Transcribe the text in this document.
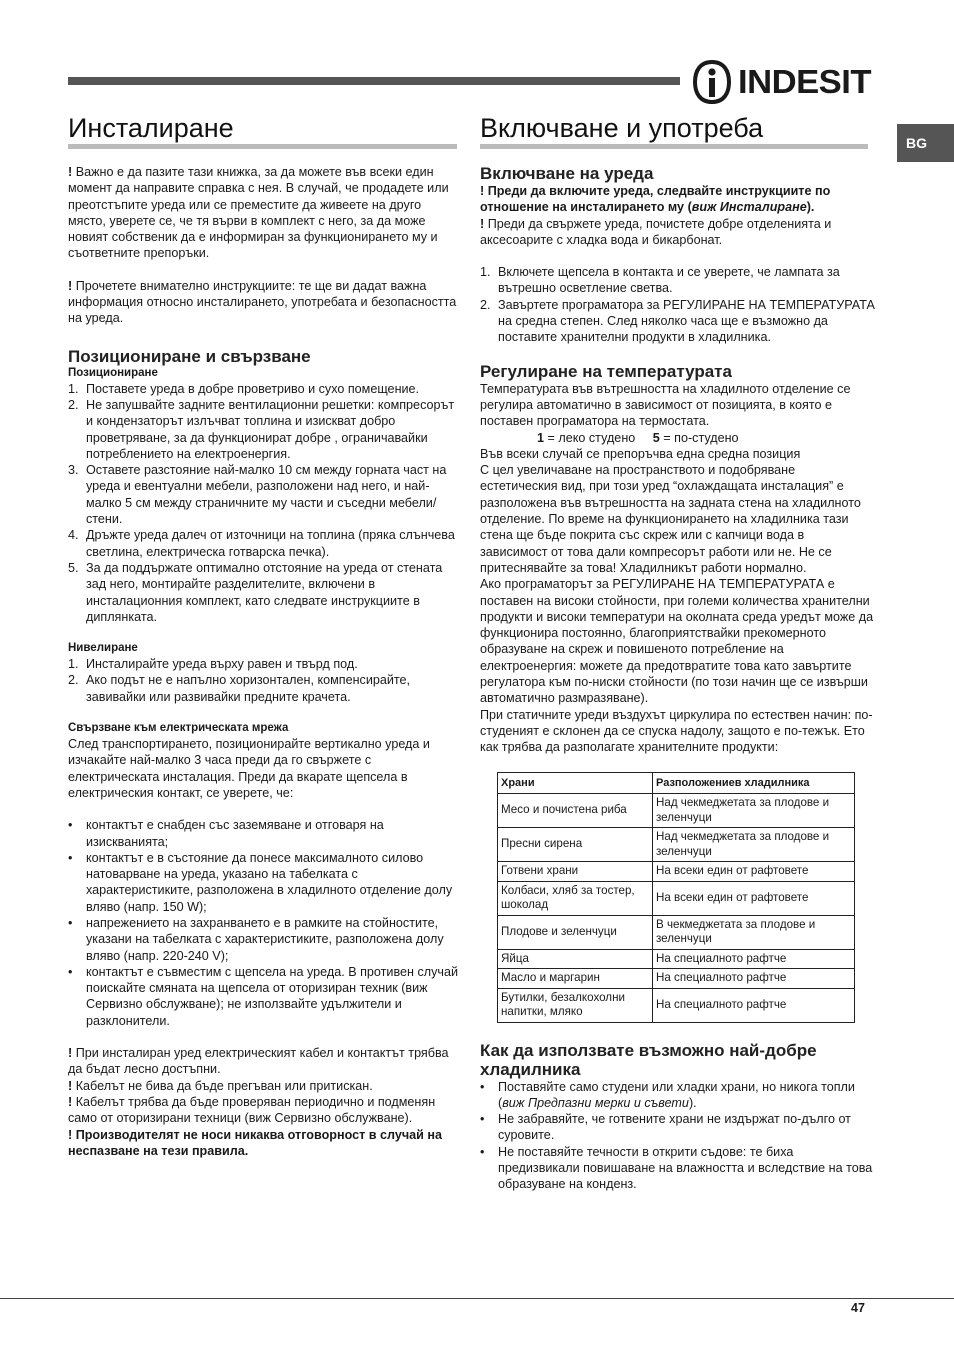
INDESIT
BG
Инсталиране	Включване и употреба

! Важно е да пазите тази книжка, за да можете във всеки един момент да направите справка с нея. В случай, че продадете или преотстъпите уреда или се преместите да живеете на друго място, уверете се, че тя върви в комплект с него, за да може новият собственик да е информиран за функционирането му и съответните препоръки.

! Прочетете внимателно инструкциите: те ще ви дадат важна информация относно инсталирането, употребата и безопасността на уреда.

Позициониране и свързване
Позициониране
1. Поставете уреда в добре проветриво и сухо помещение.
2. Не запушвайте задните вентилационни решетки: компресорът и кондензаторът излъчват топлина и изискват добро проветряване, за да функционират добре , ограничавайки потреблението на електроенергия.
3. Оставете разстояние най-малко 10 см между горната част на уреда и евентуални мебели, разположени над него, и най-малко 5 см между страничните му части и съседни мебели/стени.
4. Дръжте уреда далеч от източници на топлина (пряка слънчева светлина, електрическа готварска печка).
5. За да поддържате оптимално отстояние на уреда от стената зад него, монтирайте разделителите, включени в инсталационния комплект, като следвате инструкциите в диплянката.
Нивелиране
1. Инсталирайте уреда върху равен и твърд под.
2. Ако подът не е напълно хоризонтален, компенсирайте, завивайки или развивайки предните крачета.
Свързване към електрическата мрежа

След транспортирането, позиционирайте вертикално уреда и изчакайте най-малко 3 часа преди да го свържете с електрическата инсталация. Преди да вкарате щепсела в електрическия контакт, се уверете, че:

•	контактът е снабден със заземяване и отговаря на изискванията;
•	контактът е в състояние да понесе максималното силово натоварване на уреда, указано на табелката с характеристиките, разположена в хладилното отделение долу вляво (напр. 150 W);
•	напрежението на захранването е в рамките на стойностите, указани на табелката с характеристиките, разположена долу вляво (напр. 220-240 V);
•	контактът е съвместим с щепсела на уреда. В противен случай поискайте смяната на щепсела от оторизиран техник (виж Сервизно обслужване); не използвайте удължители и разклонители.

! При инсталиран уред електрическият кабел и контактът трябва да бъдат лесно достъпни.

! Кабелът не бива да бъде прегъван или притискан.

! Кабелът трябва да бъде проверяван периодично и подменян само от оторизирани техници (виж Сервизно обслужване).

! Производителят не носи никаква отговорност в случай на неспазване на тези правила.

Включване на уреда

! Преди да включите уреда, следвайте инструкциите по отношение на инсталирането му (виж Инсталиране).

! Преди да свържете уреда, почистете добре отделенията и аксесоарите с хладка вода и бикарбонат.

1. Включете щепсела в контакта и се уверете, че лампата за вътрешно осветление светва.
2. Завъртете програматора за РЕГУЛИРАНЕ НА ТЕМПЕРАТУРАТА на средна степен. След няколко часа ще е възможно да поставите хранителни продукти в хладилника.
Регулиране на температурата

Температурата във вътрешността на хладилното отделение се регулира автоматично в зависимост от позицията, в която е поставен програматора на термостата.

1 = леко студено 5 = по-студено

Във всеки случай се препоръчва една средна позиция

С цел увеличаване на пространството и подобряване естетическия вид, при този уред “охлаждащата инсталация” е разположена във вътрешността на задната стена на хладилното отделение. По време на функционирането на хладилника тази стена ще бъде покрита със скреж или с капчици вода в зависимост от това дали компресорът работи или не. Не се притеснявайте за това! Хладилникът работи нормално.

Ако програматорът за РЕГУЛИРАНЕ НА ТЕМПЕРАТУРАТА е поставен на високи стойности, при големи количества хранителни продукти и високи температури на околната среда уредът може да функционира постоянно, благоприятствайки прекомерното образуване на скреж и повишеното потребление на електроенергия: можете да предотвратите това като завъртите регулатора към по-ниски стойности (по този начин ще се извърши автоматично размразяване).

При статичните уреди въздухът циркулира по естествен начин: по-студеният е склонен да се спуска надолу, защото е по-тежък. Ето как трябва да разполагате хранителните продукти:

Храни	Разположениев хладилника
Месо и почистена риба	Над чекмеджетата за плодове и зеленчуци
Пресни сирена	Над чекмеджетата за плодове и зеленчуци
Готвени храни	На всеки един от рафтовете
Колбаси, хляб за тостер, шоколад	На всеки един от рафтовете
Плодове и зеленчуци	В чекмеджетата за плодове и зеленчуци
Яйца	На специалното рафтче
Масло и маргарин	На специалното рафтче
Бутилки, безалкохолни напитки, мляко	На специалното рафтче
Как да използвате възможно най-добре хладилника
•	Поставяйте само студени или хладки храни, но никога топли (виж Предпазни мерки и съвети).
•	Не забравяйте, че готвените храни не издържат по-дълго от суровите.
•	Не поставяйте течности в открити съдове: те биха предизвикали повишаване на влажността и вследствие на това образуване на конденз.
47
